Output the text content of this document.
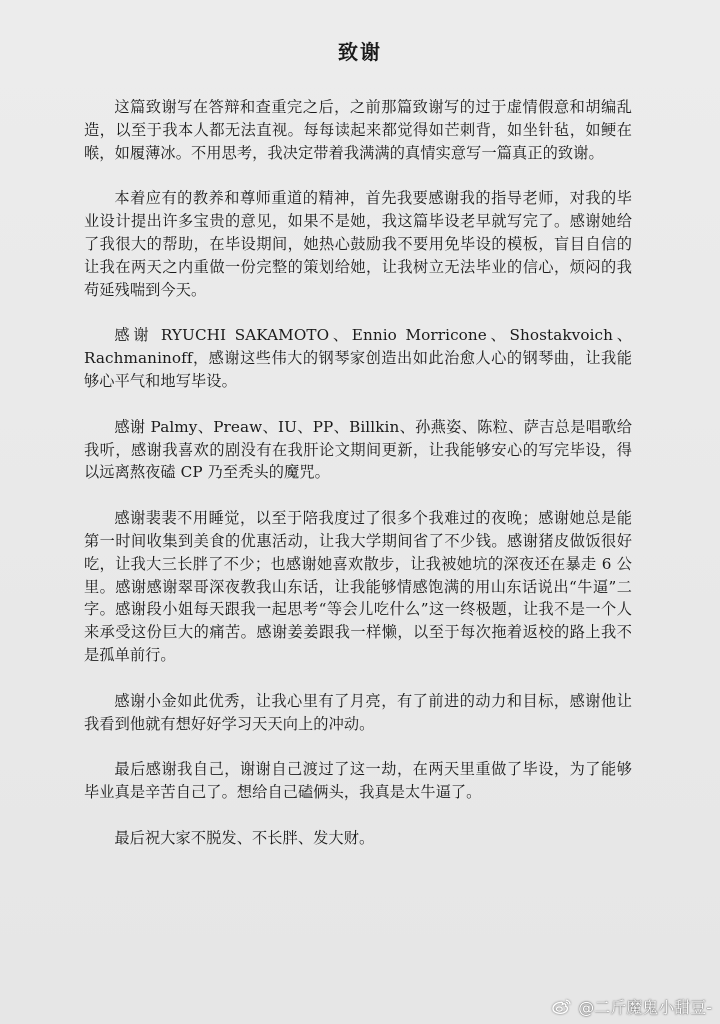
致谢

这篇致谢写在答辩和查重完之后，之前那篇致谢写的过于虚情假意和胡编乱造，以至于我本人都无法直视。每每读起来都觉得如芒刺背，如坐针毡，如鲠在喉，如履薄冰。不用思考，我决定带着我满满的真情实意写一篇真正的致谢。

本着应有的教养和尊师重道的精神，首先我要感谢我的指导老师，对我的毕业设计提出许多宝贵的意见，如果不是她，我这篇毕设老早就写完了。感谢她给了我很大的帮助，在毕设期间，她热心鼓励我不要用免毕设的模板，盲目自信的让我在两天之内重做一份完整的策划给她，让我树立无法毕业的信心，烦闷的我苟延残喘到今天。

感谢 RYUCHI SAKAMOTO、Ennio Morricone、Shostakvoich、Rachmaninoff，感谢这些伟大的钢琴家创造出如此治愈人心的钢琴曲，让我能够心平气和地写毕设。

感谢 Palmy、Preaw、IU、PP、Billkin、孙燕姿、陈粒、萨吉总是唱歌给我听，感谢我喜欢的剧没有在我肝论文期间更新，让我能够安心的写完毕设，得以远离熬夜磕 CP 乃至秃头的魔咒。

感谢裴裴不用睡觉，以至于陪我度过了很多个我难过的夜晚；感谢她总是能第一时间收集到美食的优惠活动，让我大学期间省了不少钱。感谢猪皮做饭很好吃，让我大三长胖了不少；也感谢她喜欢散步，让我被她坑的深夜还在暴走 6 公里。感谢感谢翠哥深夜教我山东话，让我能够情感饱满的用山东话说出“牛逼”二字。感谢段小姐每天跟我一起思考“等会儿吃什么”这一终极题，让我不是一个人来承受这份巨大的痛苦。感谢姜姜跟我一样懒，以至于每次拖着返校的路上我不是孤单前行。

感谢小金如此优秀，让我心里有了月亮，有了前进的动力和目标，感谢他让我看到他就有想好好学习天天向上的冲动。

最后感谢我自己，谢谢自己渡过了这一劫，在两天里重做了毕设，为了能够毕业真是辛苦自己了。想给自己磕俩头，我真是太牛逼了。

最后祝大家不脱发、不长胖、发大财。

@二斤魔鬼小甜豆-
